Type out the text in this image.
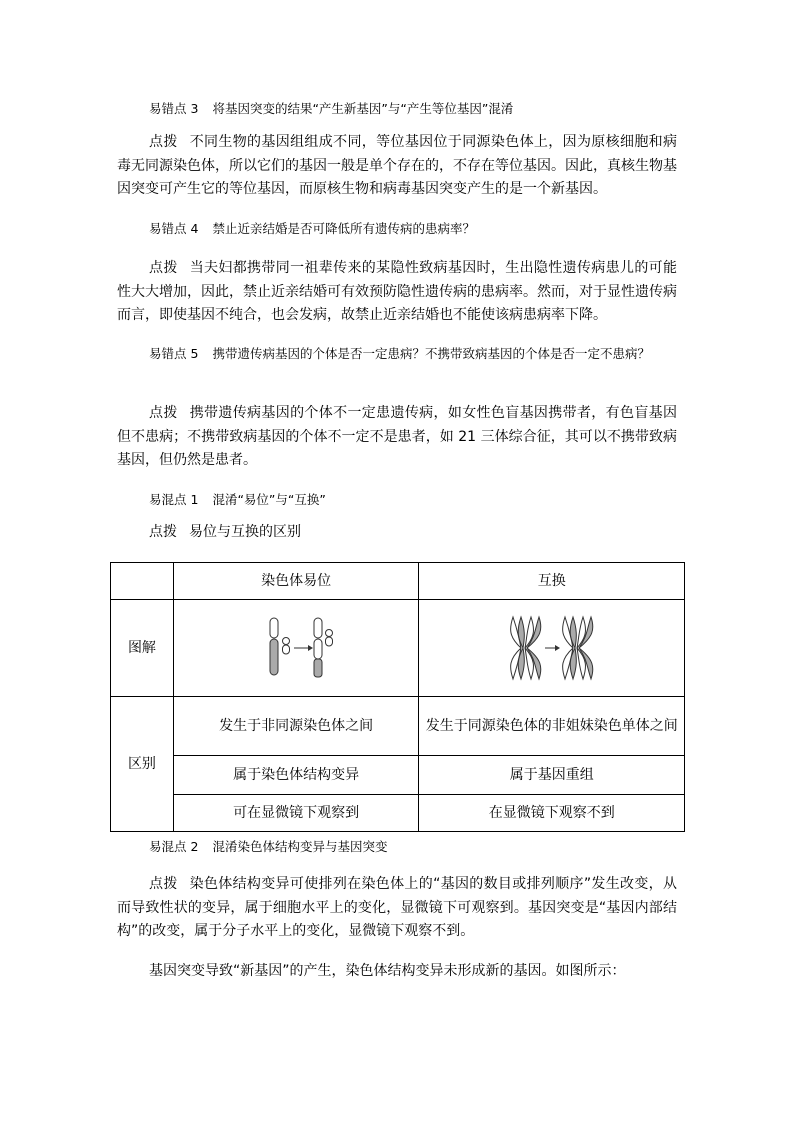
易错点 3 将基因突变的结果“产生新基因”与“产生等位基因”混淆
点拨 不同生物的基因组组成不同，等位基因位于同源染色体上，因为原核细胞和病毒无同源染色体，所以它们的基因一般是单个存在的，不存在等位基因。因此，真核生物基因突变可产生它的等位基因，而原核生物和病毒基因突变产生的是一个新基因。
易错点 4 禁止近亲结婚是否可降低所有遗传病的患病率？
点拨 当夫妇都携带同一祖辈传来的某隐性致病基因时，生出隐性遗传病患儿的可能性大大增加，因此，禁止近亲结婚可有效预防隐性遗传病的患病率。然而，对于显性遗传病而言，即使基因不纯合，也会发病，故禁止近亲结婚也不能使该病患病率下降。
易错点 5 携带遗传病基因的个体是否一定患病？不携带致病基因的个体是否一定不患病？
点拨 携带遗传病基因的个体不一定患遗传病，如女性色盲基因携带者，有色盲基因但不患病；不携带致病基因的个体不一定不是患者，如 21 三体综合征，其可以不携带致病基因，但仍然是患者。
易混点 1 混淆“易位”与“互换”
点拨 易位与互换的区别
	染色体易位	互换
图解	

区别	发生于非同源染色体之间	发生于同源染色体的非姐妹染色单体之间
	属于染色体结构变异	属于基因重组
	可在显微镜下观察到	在显微镜下观察不到
易混点 2 混淆染色体结构变异与基因突变
点拨 染色体结构变异可使排列在染色体上的“基因的数目或排列顺序”发生改变，从而导致性状的变异，属于细胞水平上的变化，显微镜下可观察到。基因突变是“基因内部结构”的改变，属于分子水平上的变化，显微镜下观察不到。
基因突变导致“新基因”的产生，染色体结构变异未形成新的基因。如图所示：
